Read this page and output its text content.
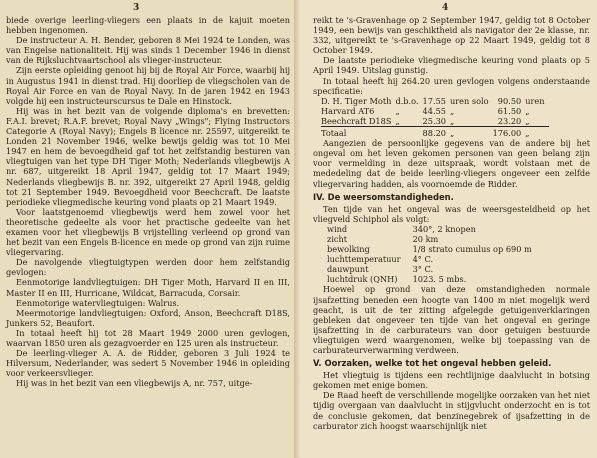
3

biede overige leerling-vliegers een plaats in de kajuit moeten hebben ingenomen.

De instructeur A. H. Bender, geboren 8 Mei 1924 te Londen, was van Engelse nationaliteit. Hij was sinds 1 December 1946 in dienst van de Rijksluchtvaartschool als vlieger-instructeur.

Zijn eerste opleiding genoot hij bij de Royal Air Force, waarbij hij in Augustus 1941 in dienst trad. Hij doorliep de vliegscholen van de Royal Air Force en van de Royal Navy. In de jaren 1942 en 1943 volgde hij een instructeurscursus te Dale en Hinstock.

Hij was in het bezit van de volgende diploma's en brevetten: F.A.I. brevet; R.A.F. brevet; Royal Navy „Wings"; Flying Instructors Categorie A (Royal Navy); Engels B licence nr. 25597, uitgereikt te Londen 21 November 1946, welke bewijs geldig was tot 10 Mei 1947 en hem de bevoegdheid gaf tot het zelfstandig besturen van vliegtuigen van het type DH Tiger Moth; Nederlands vliegbewijs A nr. 687, uitgereikt 18 April 1947, geldig tot 17 Maart 1949; Nederlands vliegbewijs B. nr. 392, uitgereikt 27 April 1948, geldig tot 21 September 1949. Bevoegdheid voor Beechcraft. De laatste periodieke vliegmedische keuring vond plaats op 21 Maart 1949.

Voor laatstgenoemd vliegbewijs werd hem zowel voor het theoretische gedeelte als voor het practische gedeelte van het examen voor het vliegbewijs B vrijstelling verleend op grond van het bezit van een Engels B-licence en mede op grond van zijn ruime vliegervaring.

De navolgende vliegtuigtypen werden door hem zelfstandig gevlogen:

Eenmotorige landvliegtuigen: DH Tiger Moth, Harvard II en III, Master II en III, Hurricane, Wildcat, Barracuda, Corsair.

Eenmotorige watervliegtuigen: Walrus.

Meermotorige landvliegtuigen: Oxford, Anson, Beechcraft D18S, Junkers 52, Beaufort.

In totaal heeft hij tot 28 Maart 1949 2000 uren gevlogen, waarvan 1850 uren als gezagvoerder en 125 uren als instructeur.

De leerling-vlieger A. A. de Ridder, geboren 3 Juli 1924 te Hilversum, Nederlander, was sedert 5 November 1946 in opleiding voor verkeersvlieger.

Hij was in het bezit van een vliegbewijs A, nr. 757, uitge-

4

reikt te 's-Gravenhage op 2 September 1947, geldig tot 8 October 1949, een bewijs van geschiktheid als navigator der 2e klasse, nr. 332, uitgereikt te 's-Gravenhage op 22 Maart 1949, geldig tot 8 October 1949.

De laatste periodieke vliegmedische keuring vond plaats op 5 April 1949. Uitslag gunstig.

In totaal heeft hij 264.20 uren gevlogen volgens onderstaande specificatie:

D. H. Tiger Moth	d.b.o.	17.55	uren solo	90.50	uren
Harvard AT6	„	44.55	„	61.50	„
Beechcraft D18S	„	25.30	„	23.20	„
Totaal		88.20	„	176.00	„

Aangezien de persoonlijke gegevens van de andere bij het ongeval om het leven gekomen personen van geen belang zijn voor vermelding in deze uitspraak, wordt volstaan met de mededeling dat de beide leerling-vliegers ongeveer een zelfde vliegervaring hadden, als voornoemde de Ridder.

IV. De weersomstandigheden.

Ten tijde van het ongeval was de weersgesteldheid op het vliegveld Schiphol als volgt:

wind	340°, 2 knopen
zicht	20 km
bewolking	1/8 strato cumulus op 690 m
luchttemperatuur	4° C.
dauwpunt	3° C.
luchtdruk (QNH)	1023. 5 mbs.

Hoewel op grond van deze omstandigheden normale ijsafzetting beneden een hoogte van 1400 m niet mogelijk werd geacht, is uit de ter zitting afgelegde getuigenverklaringen gebleken dat ongeveer ten tijde van het ongeval en geringe ijsafzetting in de carburateurs van door getuigen bestuurde vliegtuigen werd waargenomen, welke bij toepassing van de carburateurverwarming verdween.

V. Oorzaken, welke tot het ongeval hebben geleid.

Het vliegtuig is tijdens een rechtlijnige daalvlucht in botsing gekomen met enige bomen.

De Raad heeft de verschillende mogelijke oorzaken van het niet tijdig overgaan van daalvlucht in stijgvlucht onderzocht en is tot de conclusie gekomen, dat benzinegebrek of ijsafzetting in de carburator zich hoogst waarschijnlijk niet
